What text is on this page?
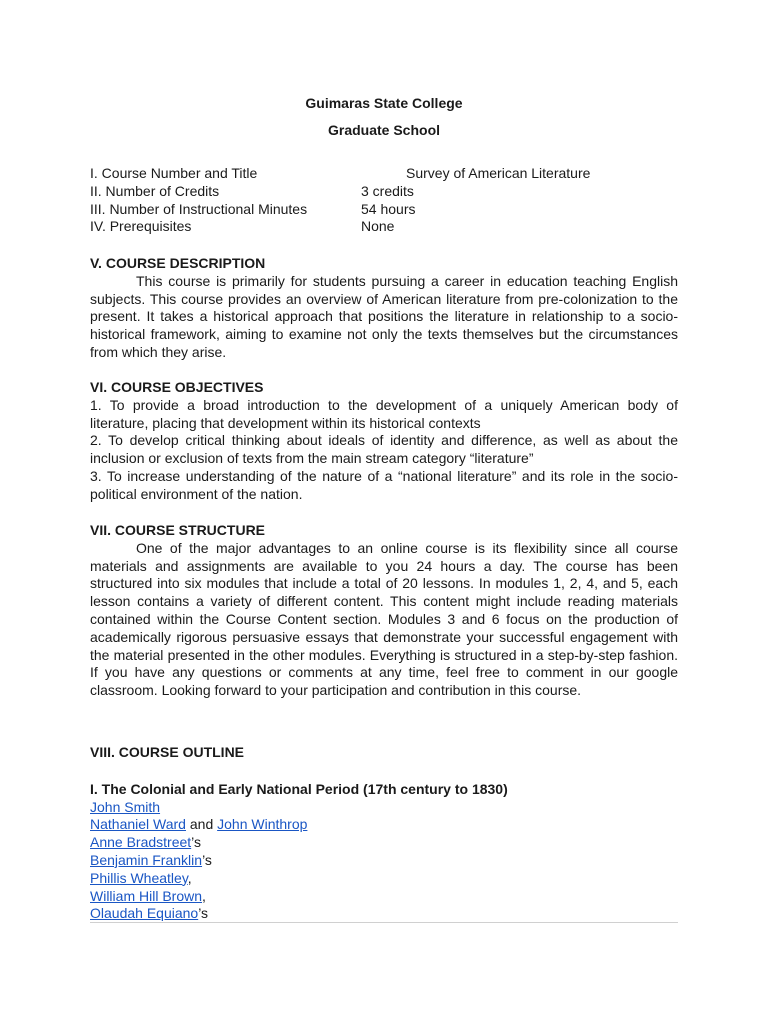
Guimaras State College
Graduate School
I. Course Number and Title	Survey of American Literature
II. Number of Credits	3 credits
III. Number of Instructional Minutes	54 hours
IV. Prerequisites	None
V. COURSE DESCRIPTION

This course is primarily for students pursuing a career in education teaching English subjects. This course provides an overview of American literature from pre-colonization to the present. It takes a historical approach that positions the literature in relationship to a socio-historical framework, aiming to examine not only the texts themselves but the circumstances from which they arise.

VI. COURSE OBJECTIVES

1. To provide a broad introduction to the development of a uniquely American body of literature, placing that development within its historical contexts

2. To develop critical thinking about ideals of identity and difference, as well as about the inclusion or exclusion of texts from the main stream category “literature”

3. To increase understanding of the nature of a “national literature” and its role in the socio-political environment of the nation.

VII. COURSE STRUCTURE

One of the major advantages to an online course is its flexibility since all course materials and assignments are available to you 24 hours a day. The course has been structured into six modules that include a total of 20 lessons. In modules 1, 2, 4, and 5, each lesson contains a variety of different content. This content might include reading materials contained within the Course Content section. Modules 3 and 6 focus on the production of academically rigorous persuasive essays that demonstrate your successful engagement with the material presented in the other modules. Everything is structured in a step-by-step fashion. If you have any questions or comments at any time, feel free to comment in our google classroom. Looking forward to your participation and contribution in this course.

VIII. COURSE OUTLINE
I. The Colonial and Early National Period (17th century to 1830)
John Smith
Nathaniel Ward and John Winthrop
Anne Bradstreet’s
Benjamin Franklin’s
Phillis Wheatley,
William Hill Brown,
Olaudah Equiano’s
